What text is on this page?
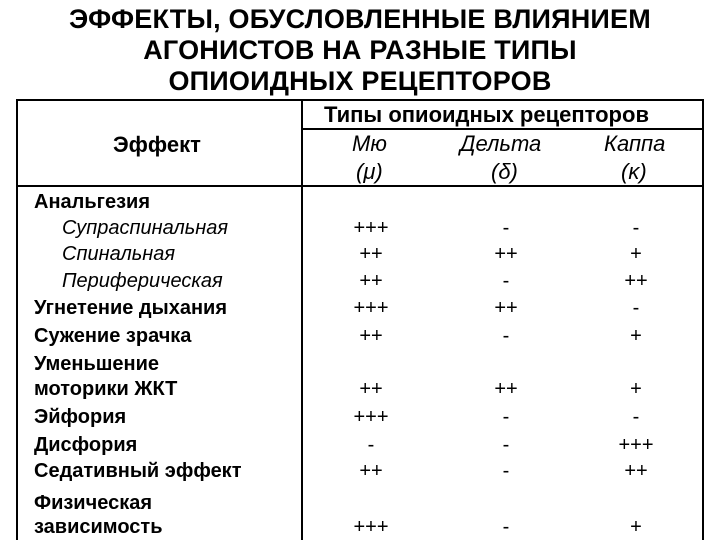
ЭФФЕКТЫ, ОБУСЛОВЛЕННЫЕ ВЛИЯНИЕМ
АГОНИСТОВ НА РАЗНЫЕ ТИПЫ
ОПИОИДНЫХ РЕЦЕПТОРОВ
Эффект
Типы опиоидных рецепторов
Мю
(μ)
Дельта
(δ)
Каппа
(κ)
Анальгезия
Супраспинальная	+++	-	-
Спинальная	++	++	+
Периферическая	++	-	++
Угнетение дыхания	+++	++	-
Сужение зрачка	++	-	+
Уменьшение
моторики ЖКТ	++	++	+
Эйфория	+++	-	-
Дисфория	-	-	+++
Седативный эффект	++	-	++
Физическая
зависимость	+++	-	+
